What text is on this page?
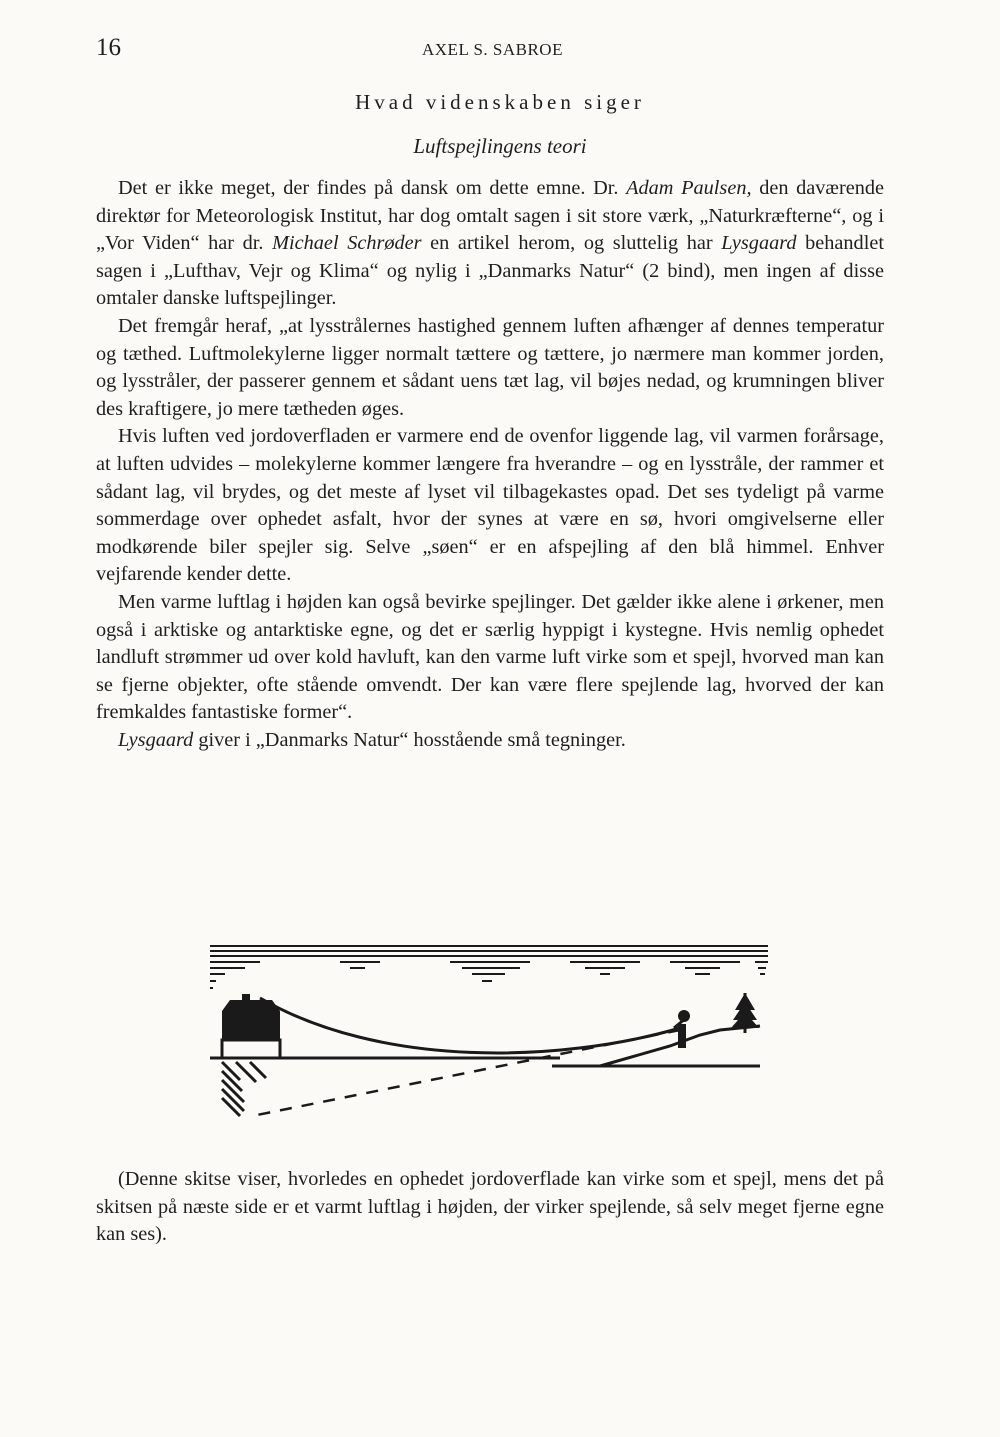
16	AXEL S. SABROE
Hvad videnskaben siger
Luftspejlingens teori

Det er ikke meget, der findes på dansk om dette emne. Dr. Adam Paulsen, den daværende direktør for Meteorologisk Institut, har dog omtalt sagen i sit store værk, „Naturkræfterne“, og i „Vor Viden“ har dr. Michael Schrøder en artikel herom, og sluttelig har Lysgaard behandlet sagen i „Lufthav, Vejr og Klima“ og nylig i „Danmarks Natur“ (2 bind), men ingen af disse omtaler danske luftspejlinger.

Det fremgår heraf, „at lysstrålernes hastighed gennem luften afhænger af dennes temperatur og tæthed. Luftmolekylerne ligger normalt tættere og tættere, jo nærmere man kommer jorden, og lysstråler, der passerer gennem et sådant uens tæt lag, vil bøjes nedad, og krumningen bliver des kraftigere, jo mere tætheden øges.

Hvis luften ved jordoverfladen er varmere end de ovenfor liggende lag, vil varmen forårsage, at luften udvides – molekylerne kommer længere fra hverandre – og en lysstråle, der rammer et sådant lag, vil brydes, og det meste af lyset vil tilbagekastes opad. Det ses tydeligt på varme sommerdage over ophedet asfalt, hvor der synes at være en sø, hvori omgivelserne eller modkørende biler spejler sig. Selve „søen“ er en afspejling af den blå himmel. Enhver vejfarende kender dette.

Men varme luftlag i højden kan også bevirke spejlinger. Det gælder ikke alene i ørkener, men også i arktiske og antarktiske egne, og det er særlig hyppigt i kystegne. Hvis nemlig ophedet landluft strømmer ud over kold havluft, kan den varme luft virke som et spejl, hvorved man kan se fjerne objekter, ofte stående omvendt. Der kan være flere spejlende lag, hvorved der kan fremkaldes fantastiske former“.

Lysgaard giver i „Danmarks Natur“ hosstående små tegninger.

(Denne skitse viser, hvorledes en ophedet jordoverflade kan virke som et spejl, mens det på skitsen på næste side er et varmt luftlag i højden, der virker spejlende, så selv meget fjerne egne kan ses).
